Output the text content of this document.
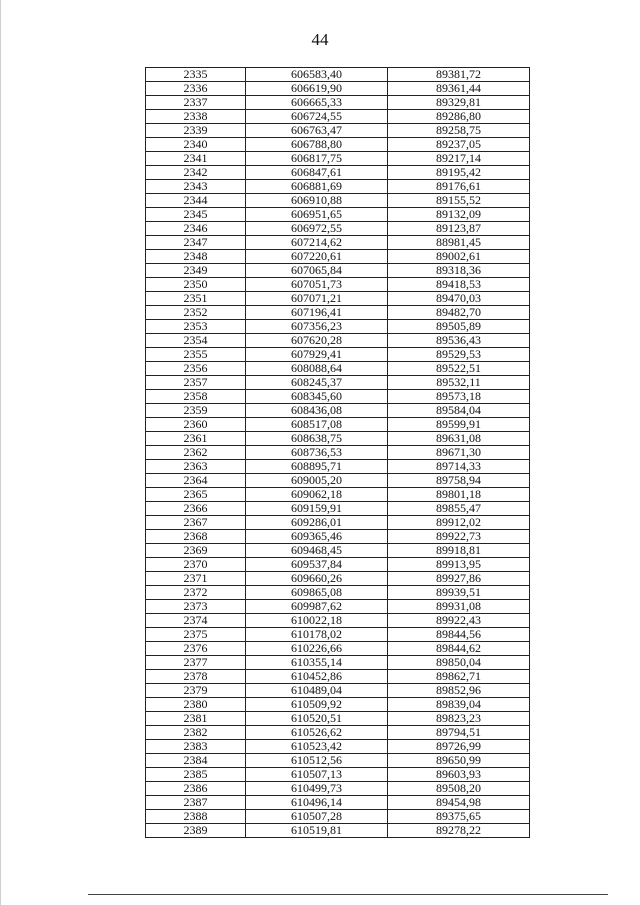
44
2335	606583,40	89381,72
2336	606619,90	89361,44
2337	606665,33	89329,81
2338	606724,55	89286,80
2339	606763,47	89258,75
2340	606788,80	89237,05
2341	606817,75	89217,14
2342	606847,61	89195,42
2343	606881,69	89176,61
2344	606910,88	89155,52
2345	606951,65	89132,09
2346	606972,55	89123,87
2347	607214,62	88981,45
2348	607220,61	89002,61
2349	607065,84	89318,36
2350	607051,73	89418,53
2351	607071,21	89470,03
2352	607196,41	89482,70
2353	607356,23	89505,89
2354	607620,28	89536,43
2355	607929,41	89529,53
2356	608088,64	89522,51
2357	608245,37	89532,11
2358	608345,60	89573,18
2359	608436,08	89584,04
2360	608517,08	89599,91
2361	608638,75	89631,08
2362	608736,53	89671,30
2363	608895,71	89714,33
2364	609005,20	89758,94
2365	609062,18	89801,18
2366	609159,91	89855,47
2367	609286,01	89912,02
2368	609365,46	89922,73
2369	609468,45	89918,81
2370	609537,84	89913,95
2371	609660,26	89927,86
2372	609865,08	89939,51
2373	609987,62	89931,08
2374	610022,18	89922,43
2375	610178,02	89844,56
2376	610226,66	89844,62
2377	610355,14	89850,04
2378	610452,86	89862,71
2379	610489,04	89852,96
2380	610509,92	89839,04
2381	610520,51	89823,23
2382	610526,62	89794,51
2383	610523,42	89726,99
2384	610512,56	89650,99
2385	610507,13	89603,93
2386	610499,73	89508,20
2387	610496,14	89454,98
2388	610507,28	89375,65
2389	610519,81	89278,22
